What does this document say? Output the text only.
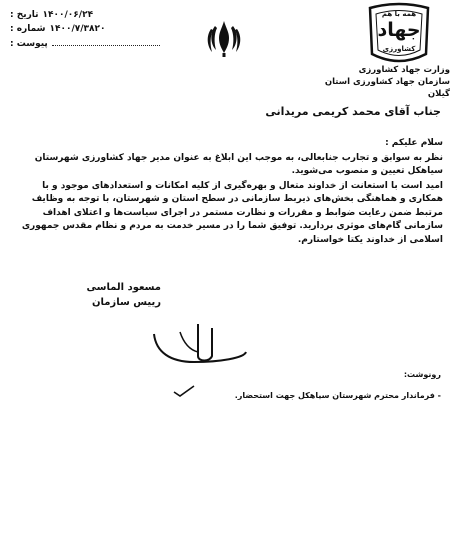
تاریخ : ۱۴۰۰/۰۶/۲۴
شماره : ۱۴۰۰/۷/۳۸۲۰
پیوست :
همه با هم
جهاد
کشاورزی
وزارت جهاد کشاورزی
سازمان جهاد کشاورزی استان گیلان
جناب آقای محمد کریمی مریدانی

سلام علیکم :

نظر به سوابق و تجارب جنابعالی، به موجب این ابلاغ به عنوان مدیر جهاد کشاورزی شهرستان سیاهکل تعیین و منصوب می‌شوید.

امید است با استعانت از خداوند متعال و بهره‌گیری از کلیه امکانات و استعدادهای موجود و با همکاری و هماهنگی بخش‌های ذیربط سازمانی در سطح استان و شهرستان، با توجه به وظایف مرتبط ضمن رعایت ضوابط و مقررات و نظارت مستمر در اجرای سیاست‌ها و اعتلای اهداف سازمانی گام‌های موثری بردارید. توفیق شما را در مسیر خدمت به مردم و نظام مقدس جمهوری اسلامی از خداوند یکتا خواستارم.

مسعود الماسی
رییس سازمان
رونوشت:
- فرماندار محترم شهرستان سیاهکل جهت استحضار.
